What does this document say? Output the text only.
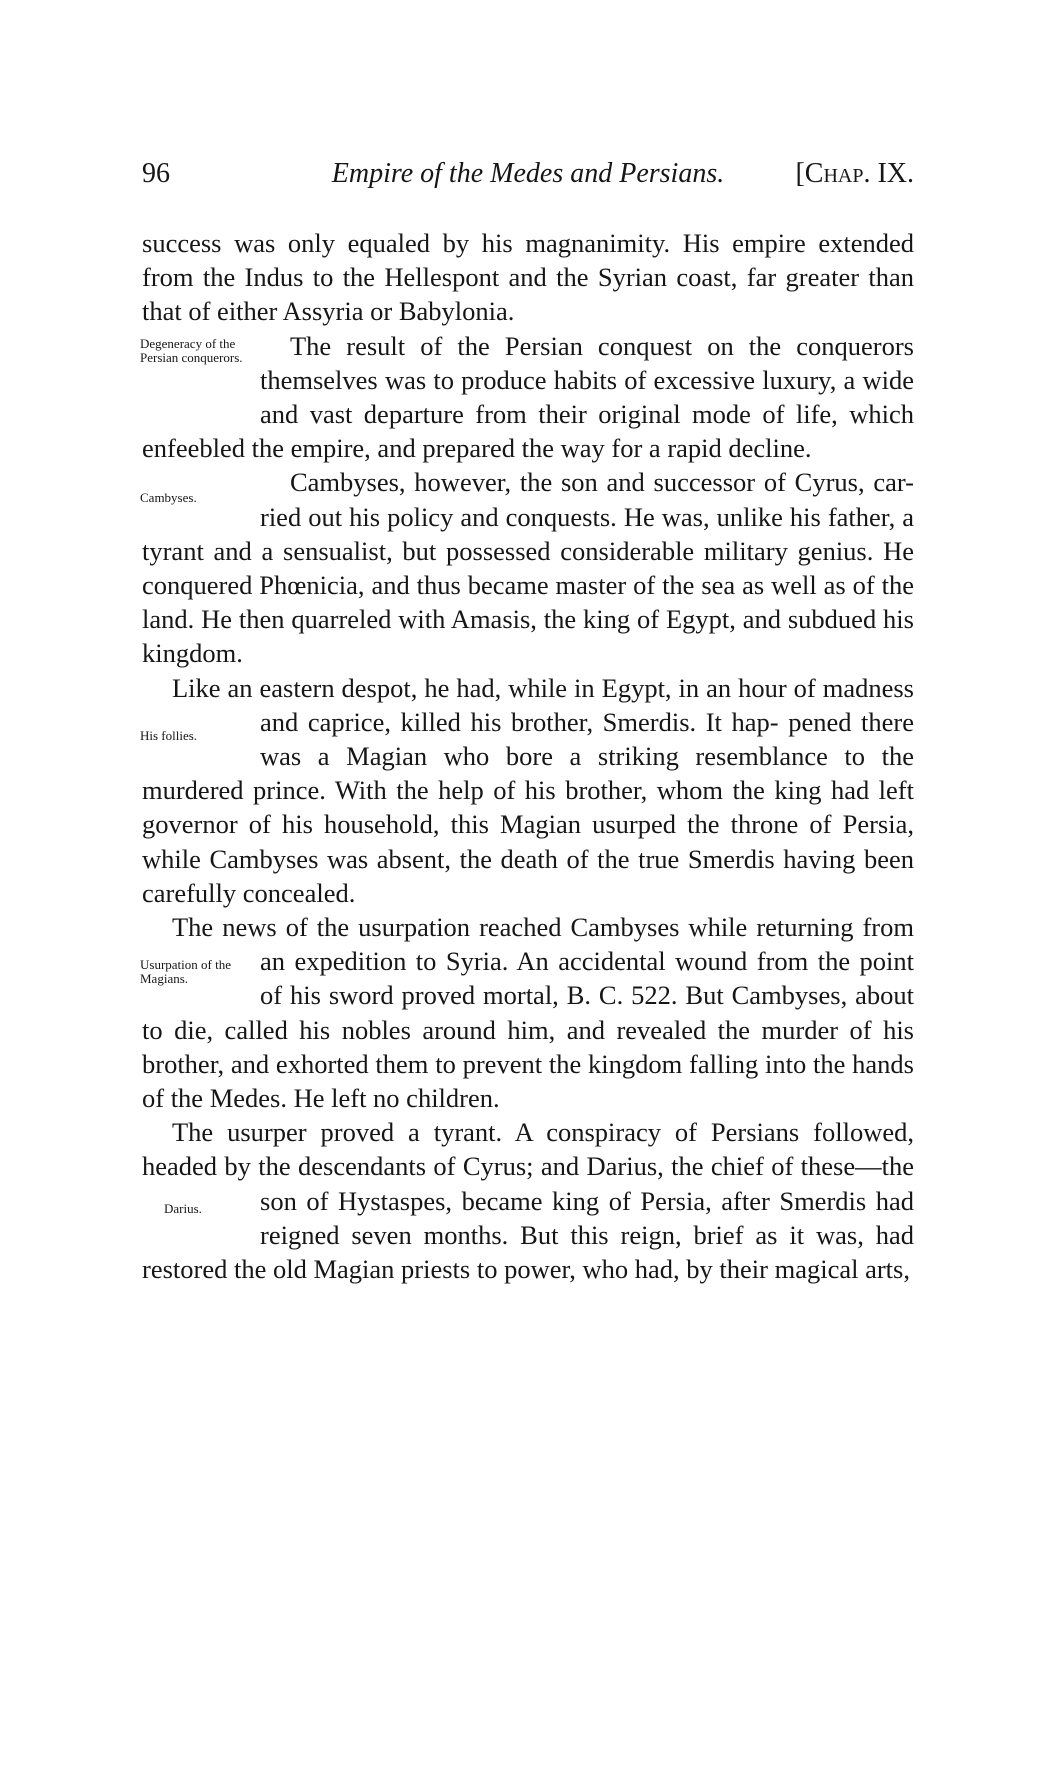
96	Empire of the Medes and Persians.	[Chap. IX.

success was only equaled by his magnanimity. His empire extended from the Indus to the Hellespont and the Syrian coast, far greater than that of either Assyria or Babylonia.

The result of the Persian conquest on the conquerors
Degeneracy of the Persian conquerors.
themselves was to produce habits of excessive luxury, a wide and vast departure from their original mode of life, which enfeebled the empire, and prepared the way for a rapid decline.

Cambyses, however, the son and successor of Cyrus, car-
Cambyses.
ried out his policy and conquests. He was, unlike his father, a tyrant and a sensualist, but possessed considerable military genius. He conquered Phœnicia, and thus became master of the sea as well as of the land. He then quarreled with Amasis, the king of Egypt, and subdued his kingdom.

Like an eastern despot, he had, while in Egypt, in an hour of madness and caprice, killed his brother, Smerdis. It hap-
His follies.	pened there was a Magian who bore a striking resemblance to the murdered prince. With the help of his brother, whom the king had left governor of his household, this Magian usurped the throne of Persia, while Cambyses was absent, the death of the true Smerdis having been carefully concealed.

The news of the usurpation reached Cambyses while returning from an expedition to Syria. An accidental
Usurpation of the Magians.
wound from the point of his sword proved mortal, B. C. 522. But Cambyses, about to die, called his nobles around him, and revealed the murder of his brother, and exhorted them to prevent the kingdom falling into the hands of the Medes. He left no children.

The usurper proved a tyrant. A conspiracy of Persians followed, headed by the descendants of Cyrus; and Darius, the chief of these—the son of Hystaspes, became king of
Darius.	Persia, after Smerdis had reigned seven months. But this reign, brief as it was, had restored the old Magian priests to power, who had, by their magical arts,
